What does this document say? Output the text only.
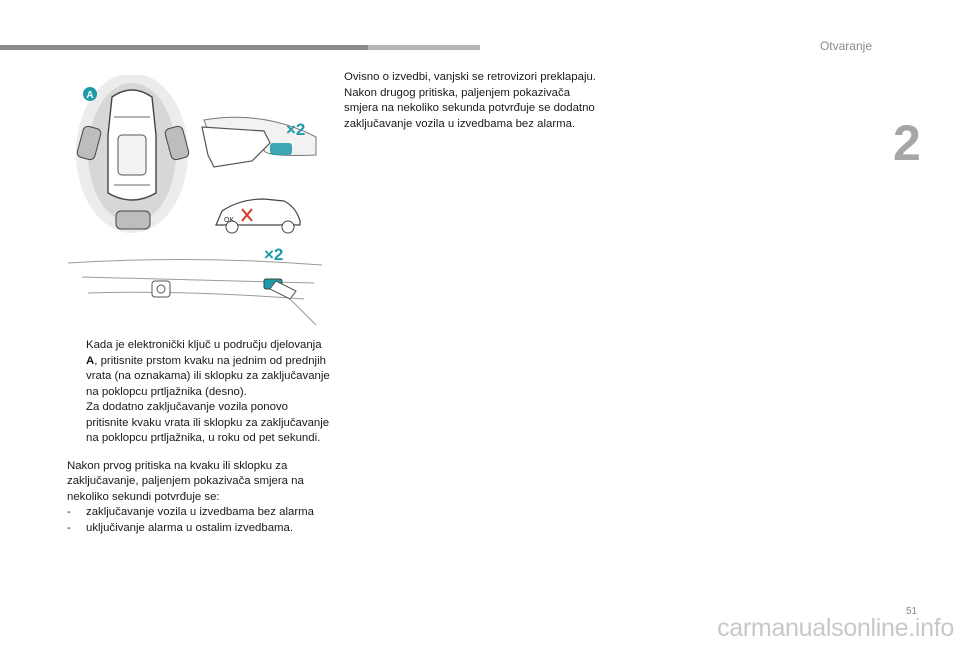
Otvaranje
2
A
×2
OK
×2

Kada je elektronički ključ u području djelovanja A, pritisnite prstom kvaku na jednim od prednjih vrata (na oznakama) ili sklopku za zaključavanje na poklopcu prtljažnika (desno).

Za dodatno zaključavanje vozila ponovo pritisnite kvaku vrata ili sklopku za zaključavanje na poklopcu prtljažnika, u roku od pet sekundi.

Nakon prvog pritiska na kvaku ili sklopku za zaključavanje, paljenjem pokazivača smjera na nekoliko sekundi potvrđuje se:

- zaključavanje vozila u izvedbama bez alarma

- uključivanje alarma u ostalim izvedbama.

Ovisno o izvedbi, vanjski se retrovizori preklapaju.

Nakon drugog pritiska, paljenjem pokazivača smjera na nekoliko sekunda potvrđuje se dodatno zaključavanje vozila u izvedbama bez alarma.

51
carmanualsonline.info
